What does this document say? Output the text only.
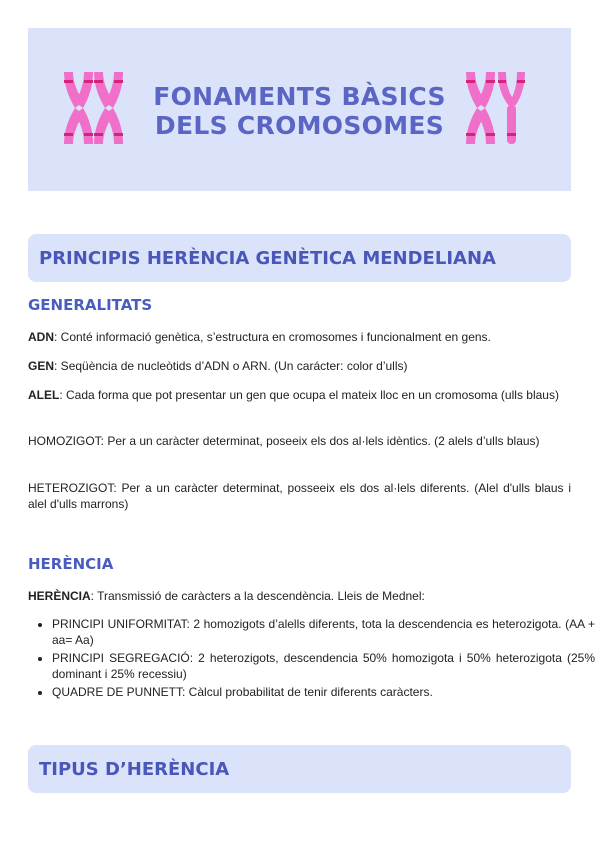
FONAMENTS BÀSICS
DELS CROMOSOMES
PRINCIPIS HERÈNCIA GENÈTICA MENDELIANA
GENERALITATS

ADN: Conté informació genètica, s’estructura en cromosomes i funcionalment en gens.

GEN: Seqüència de nucleòtids d’ADN o ARN. (Un carácter: color d’ulls)

ALEL: Cada forma que pot presentar un gen que ocupa el mateix lloc en un cromosoma (ulls blaus)

HOMOZIGOT: Per a un caràcter determinat, poseeix els dos al·lels idèntics. (2 alels d’ulls blaus)

HETEROZIGOT: Per a un caràcter determinat, posseeix els dos al·lels diferents. (Alel d'ulls blaus i alel d'ulls marrons)

HERÈNCIA

HERÈNCIA: Transmissió de caràcters a la descendència. Lleis de Mednel:

• PRINCIPI UNIFORMITAT: 2 homozigots d’alells diferents, tota la descendencia es heterozigota. (AA + aa= Aa)
• PRINCIPI SEGREGACIÓ: 2 heterozigots, descendencia 50% homozigota i 50% heterozigota (25% dominant i 25% recessiu)
• QUADRE DE PUNNETT: Càlcul probabilitat de tenir diferents caràcters.
TIPUS D’HERÈNCIA
